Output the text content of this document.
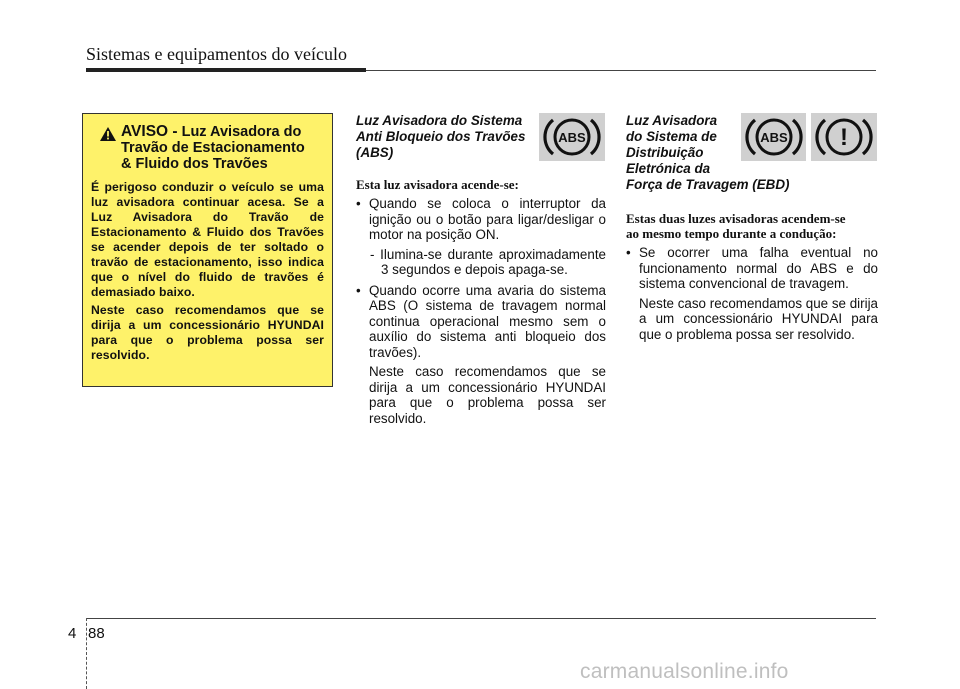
Sistemas e equipamentos do veículo
AVISO - Luz Avisadora do
Travão de Estacionamento
& Fluido dos Travões
É perigoso conduzir o veículo se uma luz avisadora continuar acesa. Se a Luz Avisadora do Travão de Estacionamento & Fluido dos Travões se acender depois de ter soltado o travão de estacionamento, isso indica que o nível do fluido de travões é demasiado baixo.
Neste caso recomendamos que se dirija a um concessionário HYUNDAI para que o problema possa ser resolvido.
Luz Avisadora do Sistema
Anti Bloqueio dos Travões
(ABS)
Esta luz avisadora acende-se:
• Quando se coloca o interruptor da ignição ou o botão para ligar/desligar o motor na posição ON.
- Ilumina-se durante aproximadamente 3 segundos e depois apaga-se.
• Quando ocorre uma avaria do sistema ABS (O sistema de travagem normal continua operacional mesmo sem o auxílio do sistema anti bloqueio dos travões).
Neste caso recomendamos que se dirija a um concessionário HYUNDAI para que o problema possa ser resolvido.
ABS
Luz Avisadora
do Sistema de
Distribuição
Eletrónica da
Força de Travagem (EBD)
Estas duas luzes avisadoras acendem-se
ao mesmo tempo durante a condução:
• Se ocorrer uma falha eventual no funcionamento normal do ABS e do sistema convencional de travagem.
Neste caso recomendamos que se dirija a um concessionário HYUNDAI para que o problema possa ser resolvido.
ABS !
4 88
carmanualsonline.info
